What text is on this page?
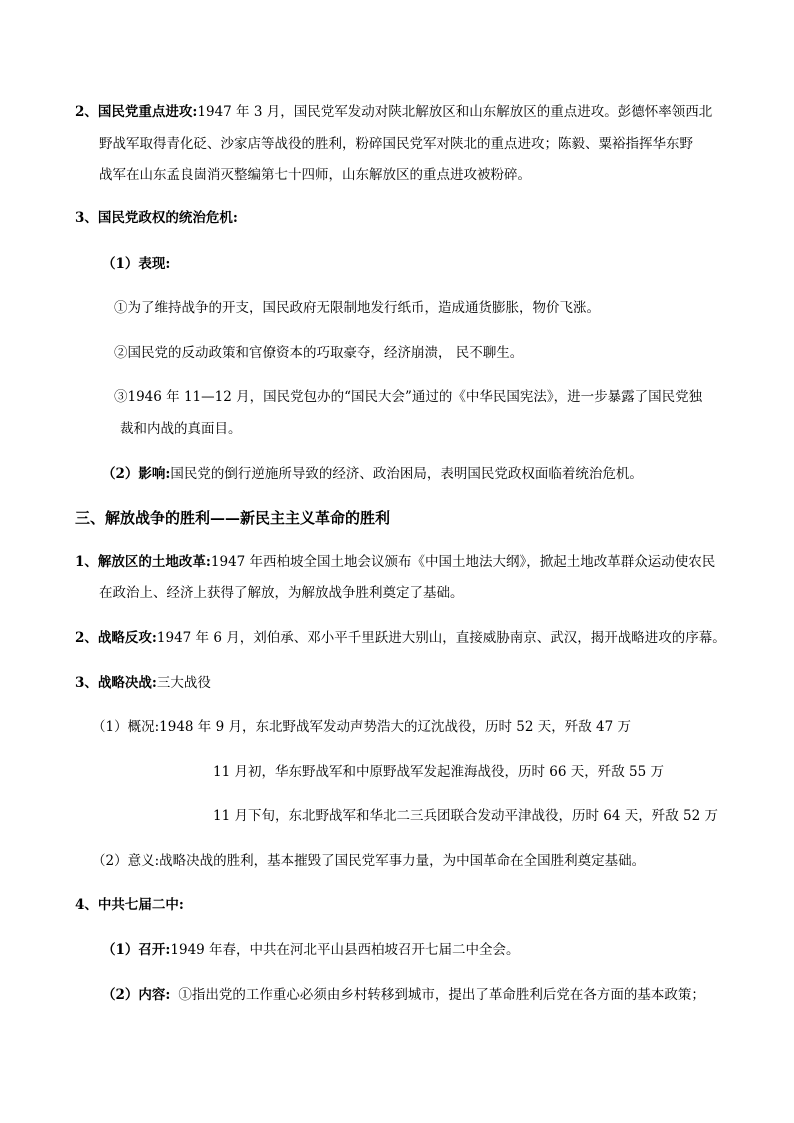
2、国民党重点进攻:1947 年 3 月，国民党军发动对陕北解放区和山东解放区的重点进攻。彭德怀率领西北
野战军取得青化砭、沙家店等战役的胜利，粉碎国民党军对陕北的重点进攻；陈毅、粟裕指挥华东野
战军在山东孟良崮消灭整编第七十四师，山东解放区的重点进攻被粉碎。
3、国民党政权的统治危机:
（1）表现:
①为了维持战争的开支，国民政府无限制地发行纸币，造成通货膨胀，物价飞涨。
②国民党的反动政策和官僚资本的巧取豪夺，经济崩溃， 民不聊生。
③1946 年 11—12 月，国民党包办的“国民大会”通过的《中华民国宪法》，进一步暴露了国民党独
裁和内战的真面目。
（2）影响:国民党的倒行逆施所导致的经济、政治困局，表明国民党政权面临着统治危机。
三、解放战争的胜利——新民主主义革命的胜利
1、解放区的土地改革:1947 年西柏坡全国土地会议颁布《中国土地法大纲》，掀起土地改革群众运动使农民
在政治上、经济上获得了解放，为解放战争胜利奠定了基础。
2、战略反攻:1947 年 6 月，刘伯承、邓小平千里跃进大别山，直接威胁南京、武汉，揭开战略进攻的序幕。
3、战略决战:三大战役
（1）概况:1948 年 9 月，东北野战军发动声势浩大的辽沈战役，历时 52 天，歼敌 47 万
11 月初，华东野战军和中原野战军发起淮海战役，历时 66 天，歼敌 55 万
11 月下旬，东北野战军和华北二三兵团联合发动平津战役，历时 64 天，歼敌 52 万
（2）意义:战略决战的胜利，基本摧毁了国民党军事力量，为中国革命在全国胜利奠定基础。
4、中共七届二中:
（1）召开:1949 年春，中共在河北平山县西柏坡召开七届二中全会。
（2）内容: ①指出党的工作重心必须由乡村转移到城市，提出了革命胜利后党在各方面的基本政策；
